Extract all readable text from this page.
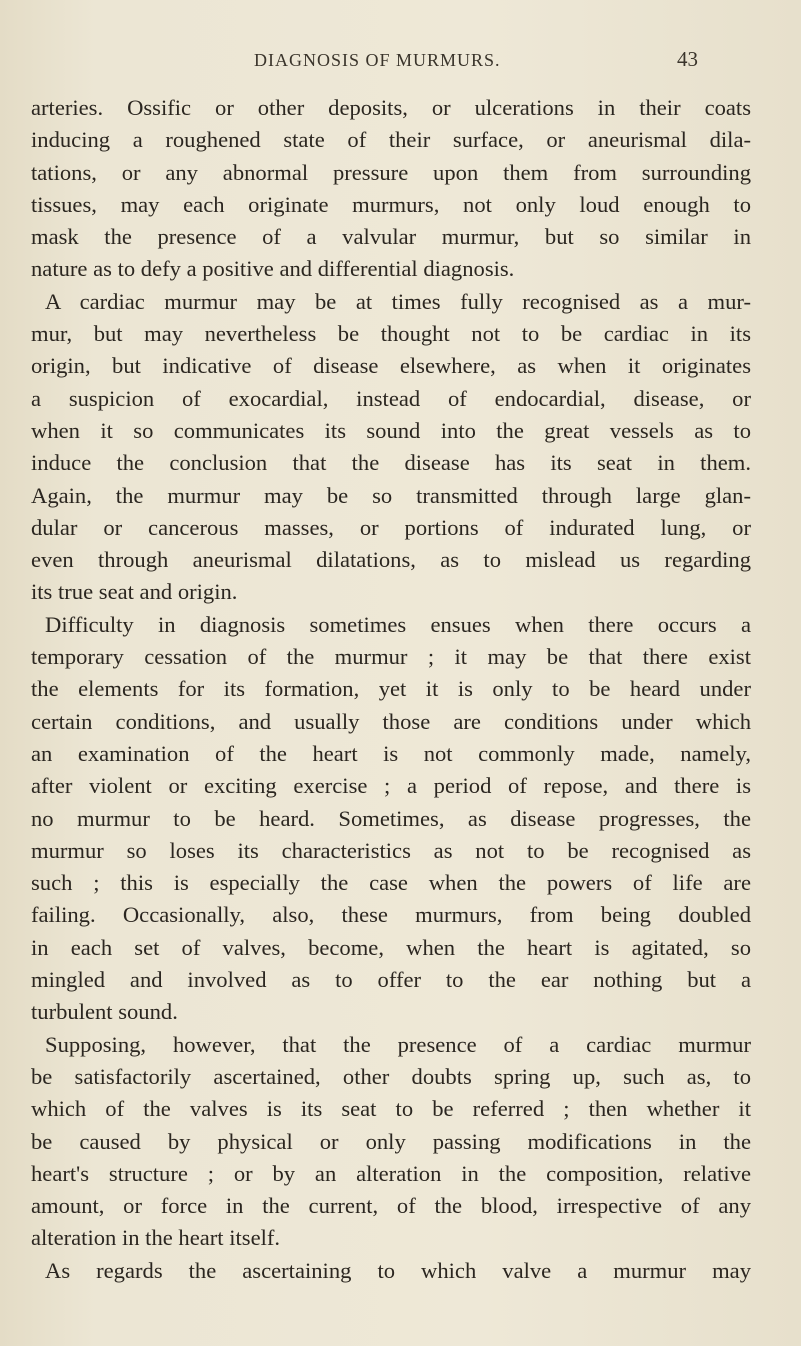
DIAGNOSIS OF MURMURS.	43
arteries. Ossific or other deposits, or ulcerations in their coats
inducing a roughened state of their surface, or aneurismal dila-
tations, or any abnormal pressure upon them from surrounding
tissues, may each originate murmurs, not only loud enough to
mask the presence of a valvular murmur, but so similar in
nature as to defy a positive and differential diagnosis.
A cardiac murmur may be at times fully recognised as a mur-
mur, but may nevertheless be thought not to be cardiac in its
origin, but indicative of disease elsewhere, as when it originates
a suspicion of exocardial, instead of endocardial, disease, or
when it so communicates its sound into the great vessels as to
induce the conclusion that the disease has its seat in them.
Again, the murmur may be so transmitted through large glan-
dular or cancerous masses, or portions of indurated lung, or
even through aneurismal dilatations, as to mislead us regarding
its true seat and origin.
Difficulty in diagnosis sometimes ensues when there occurs a
temporary cessation of the murmur ; it may be that there exist
the elements for its formation, yet it is only to be heard under
certain conditions, and usually those are conditions under which
an examination of the heart is not commonly made, namely,
after violent or exciting exercise ; a period of repose, and there is
no murmur to be heard. Sometimes, as disease progresses, the
murmur so loses its characteristics as not to be recognised as
such ; this is especially the case when the powers of life are
failing. Occasionally, also, these murmurs, from being doubled
in each set of valves, become, when the heart is agitated, so
mingled and involved as to offer to the ear nothing but a
turbulent sound.
Supposing, however, that the presence of a cardiac murmur
be satisfactorily ascertained, other doubts spring up, such as, to
which of the valves is its seat to be referred ; then whether it
be caused by physical or only passing modifications in the
heart's structure ; or by an alteration in the composition, relative
amount, or force in the current, of the blood, irrespective of any
alteration in the heart itself.
As regards the ascertaining to which valve a murmur may
